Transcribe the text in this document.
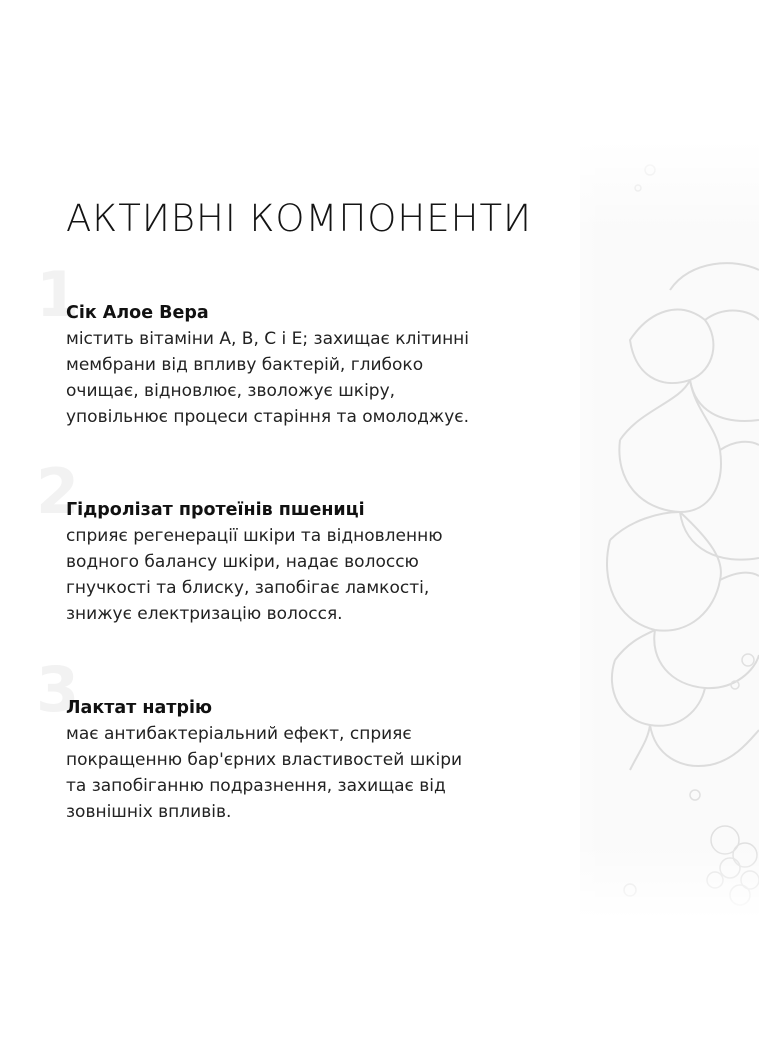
АКТИВНІ КОМПОНЕНТИ
1

Сік Алое Вера

містить вітаміни А, В, С і Е; захищає клітинні
мембрани від впливу бактерій, глибоко
очищає, відновлює, зволожує шкіру,
уповільнює процеси старіння та омолоджує.
2

Гідролізат протеїнів пшениці

сприяє регенерації шкіри та відновленню
водного балансу шкіри, надає волоссю
гнучкості та блиску, запобігає ламкості,
знижує електризацію волосся.
3

Лактат натрію

має антибактеріальний ефект, сприяє
покращенню бар'єрних властивостей шкіри
та запобіганню подразнення, захищає від
зовнішніх впливів.
